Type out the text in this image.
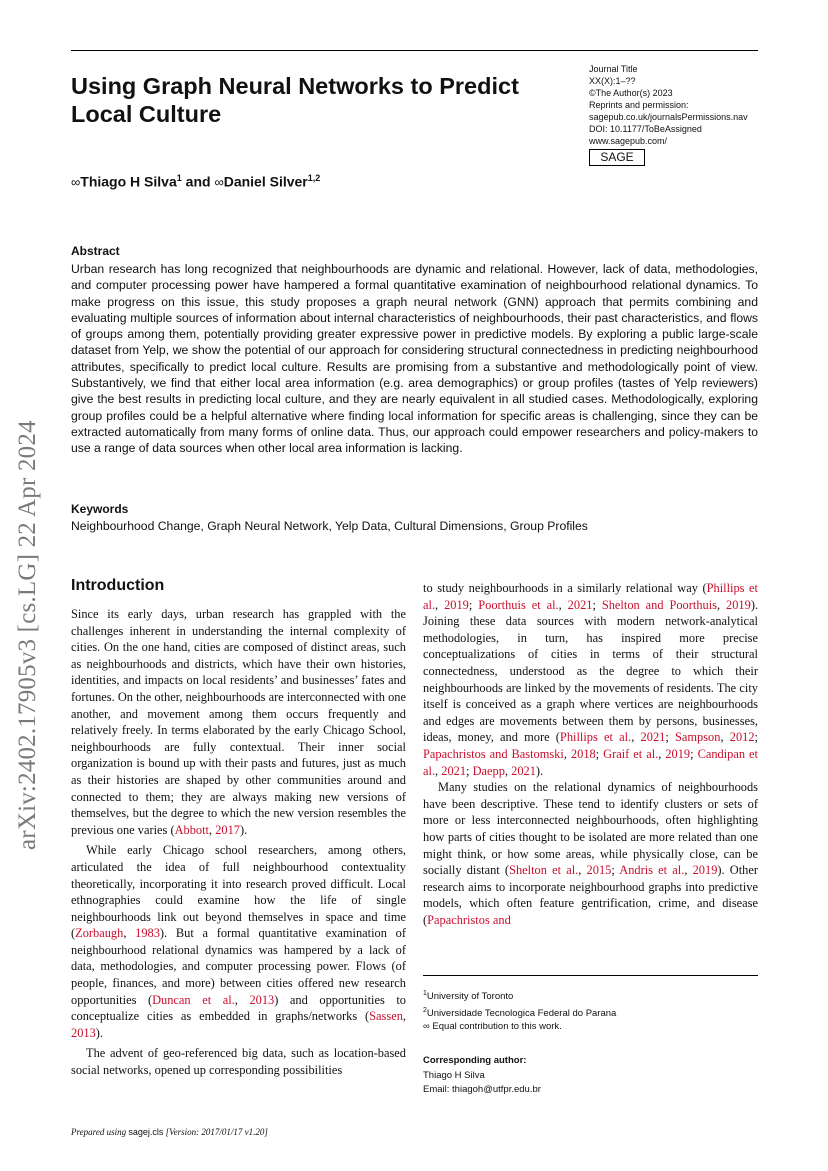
arXiv:2402.17905v3 [cs.LG] 22 Apr 2024
Using Graph Neural Networks to Predict Local Culture
Journal Title
XX(X):1–??
©The Author(s) 2023
Reprints and permission:
sagepub.co.uk/journalsPermissions.nav
DOI: 10.1177/ToBeAssigned
www.sagepub.com/
SAGE
∞Thiago H Silva$^1$ and ∞Daniel Silver$^{1,2}$
Abstract
Urban research has long recognized that neighbourhoods are dynamic and relational. However, lack of data, methodologies, and computer processing power have hampered a formal quantitative examination of neighbourhood relational dynamics. To make progress on this issue, this study proposes a graph neural network (GNN) approach that permits combining and evaluating multiple sources of information about internal characteristics of neighbourhoods, their past characteristics, and flows of groups among them, potentially providing greater expressive power in predictive models. By exploring a public large-scale dataset from Yelp, we show the potential of our approach for considering structural connectedness in predicting neighbourhood attributes, specifically to predict local culture. Results are promising from a substantive and methodologically point of view. Substantively, we find that either local area information (e.g. area demographics) or group profiles (tastes of Yelp reviewers) give the best results in predicting local culture, and they are nearly equivalent in all studied cases. Methodologically, exploring group profiles could be a helpful alternative where finding local information for specific areas is challenging, since they can be extracted automatically from many forms of online data. Thus, our approach could empower researchers and policy-makers to use a range of data sources when other local area information is lacking.
Keywords
Neighbourhood Change, Graph Neural Network, Yelp Data, Cultural Dimensions, Group Profiles
Introduction

Since its early days, urban research has grappled with the challenges inherent in understanding the internal complexity of cities. On the one hand, cities are composed of distinct areas, such as neighbourhoods and districts, which have their own histories, identities, and impacts on local residents’ and businesses’ fates and fortunes. On the other, neighbourhoods are interconnected with one another, and movement among them occurs frequently and relatively freely. In terms elaborated by the early Chicago School, neighbourhoods are fully contextual. Their inner social organization is bound up with their pasts and futures, just as much as their histories are shaped by other communities around and connected to them; they are always making new versions of themselves, but the degree to which the new version resembles the previous one varies (Abbott, 2017).

While early Chicago school researchers, among others, articulated the idea of full neighbourhood contextuality theoretically, incorporating it into research proved difficult. Local ethnographies could examine how the life of single neighbourhoods link out beyond themselves in space and time (Zorbaugh, 1983). But a formal quantitative examination of neighbourhood relational dynamics was hampered by a lack of data, methodologies, and computer processing power. Flows (of people, finances, and more) between cities offered new research opportunities (Duncan et al., 2013) and opportunities to conceptualize cities as embedded in graphs/networks (Sassen, 2013).

The advent of geo-referenced big data, such as location-based social networks, opened up corresponding possibilities

to study neighbourhoods in a similarly relational way (Phillips et al., 2019; Poorthuis et al., 2021; Shelton and Poorthuis, 2019). Joining these data sources with modern network-analytical methodologies, in turn, has inspired more precise conceptualizations of cities in terms of their structural connectedness, understood as the degree to which their neighbourhoods are linked by the movements of residents. The city itself is conceived as a graph where vertices are neighbourhoods and edges are movements between them by persons, businesses, ideas, money, and more (Phillips et al., 2021; Sampson, 2012; Papachristos and Bastomski, 2018; Graif et al., 2019; Candipan et al., 2021; Daepp, 2021).

Many studies on the relational dynamics of neighbourhoods have been descriptive. These tend to identify clusters or sets of more or less interconnected neighbourhoods, often highlighting how parts of cities thought to be isolated are more related than one might think, or how some areas, while physically close, can be socially distant (Shelton et al., 2015; Andris et al., 2019). Other research aims to incorporate neighbourhood graphs into predictive models, which often feature gentrification, crime, and disease (Papachristos and

$^1$University of Toronto
$^2$Universidade Tecnologica Federal do Parana
∞ Equal contribution to this work.
Corresponding author:
Thiago H Silva
Email: thiagoh@utfpr.edu.br
Prepared using sagej.cls [Version: 2017/01/17 v1.20]
